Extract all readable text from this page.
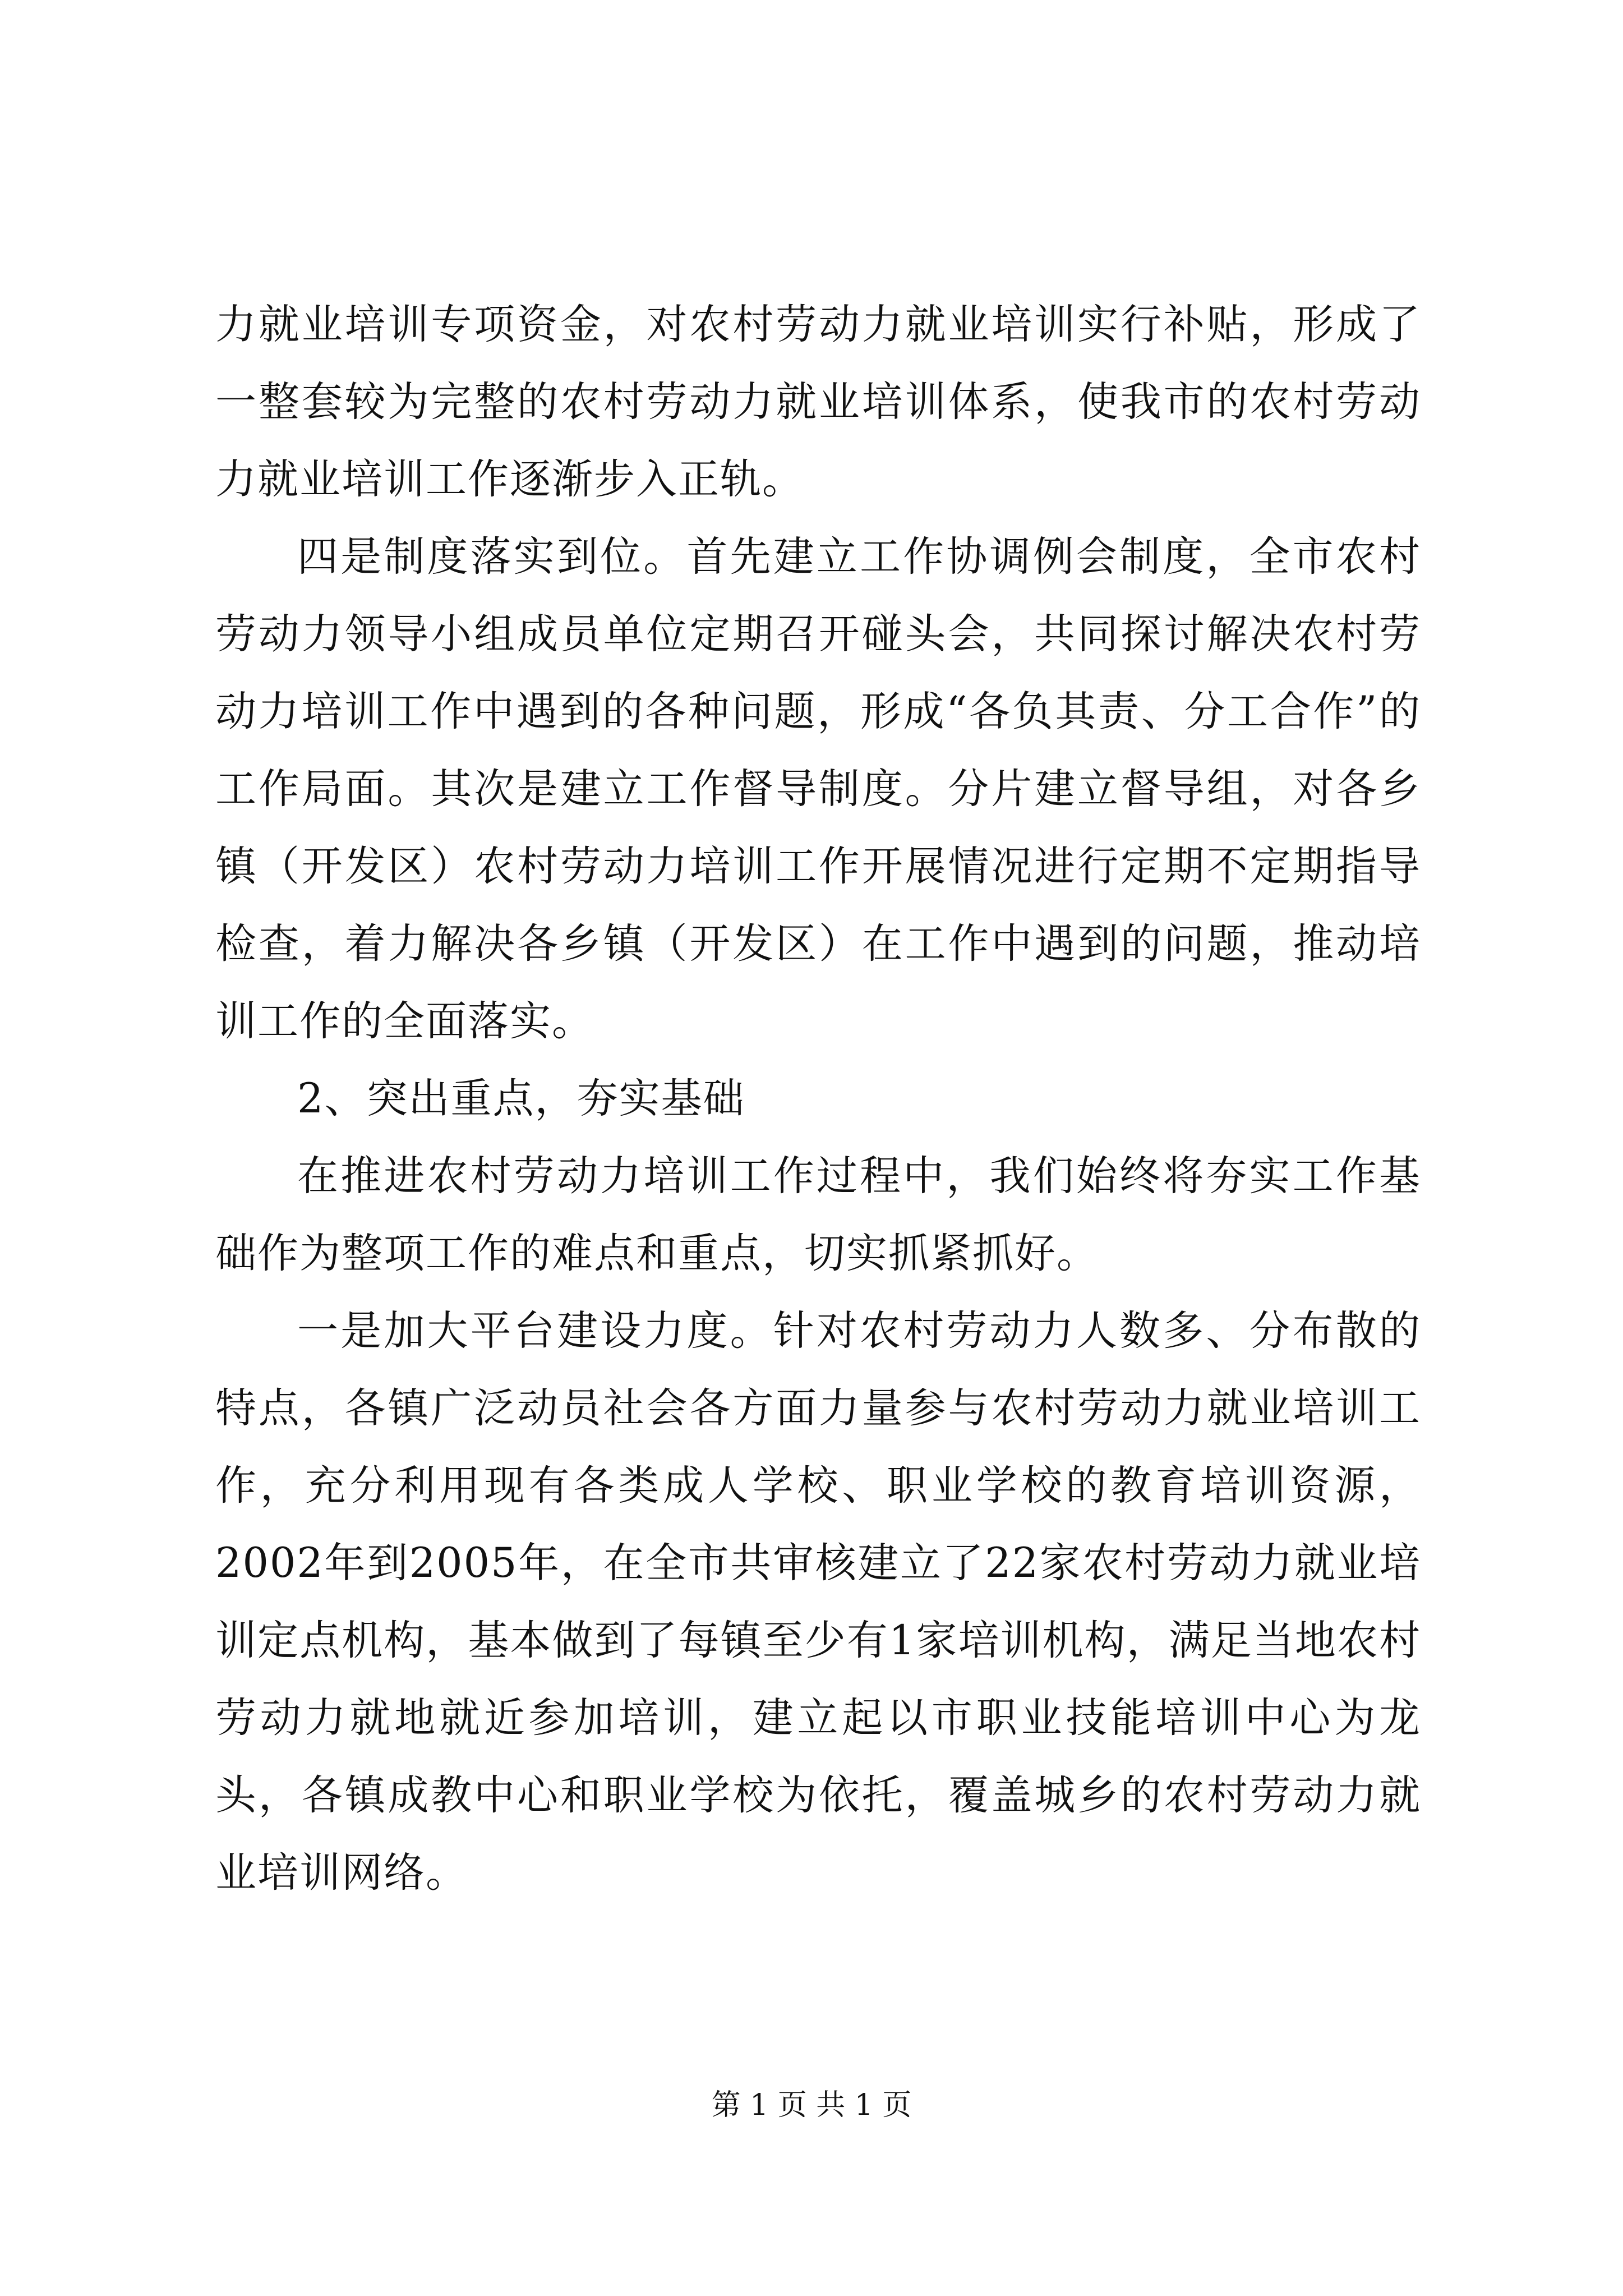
力就业培训专项资金，对农村劳动力就业培训实行补贴，形成了一整套较为完整的农村劳动力就业培训体系，使我市的农村劳动力就业培训工作逐渐步入正轨。

四是制度落实到位。首先建立工作协调例会制度，全市农村劳动力领导小组成员单位定期召开碰头会，共同探讨解决农村劳动力培训工作中遇到的各种问题，形成“各负其责、分工合作”的工作局面。其次是建立工作督导制度。分片建立督导组，对各乡镇（开发区）农村劳动力培训工作开展情况进行定期不定期指导检查，着力解决各乡镇（开发区）在工作中遇到的问题，推动培训工作的全面落实。

2、突出重点，夯实基础

在推进农村劳动力培训工作过程中，我们始终将夯实工作基础作为整项工作的难点和重点，切实抓紧抓好。

一是加大平台建设力度。针对农村劳动力人数多、分布散的特点，各镇广泛动员社会各方面力量参与农村劳动力就业培训工作，充分利用现有各类成人学校、职业学校的教育培训资源，2002年到2005年，在全市共审核建立了22家农村劳动力就业培训定点机构，基本做到了每镇至少有1家培训机构，满足当地农村劳动力就地就近参加培训，建立起以市职业技能培训中心为龙头，各镇成教中心和职业学校为依托，覆盖城乡的农村劳动力就业培训网络。

第 1 页 共 1 页
